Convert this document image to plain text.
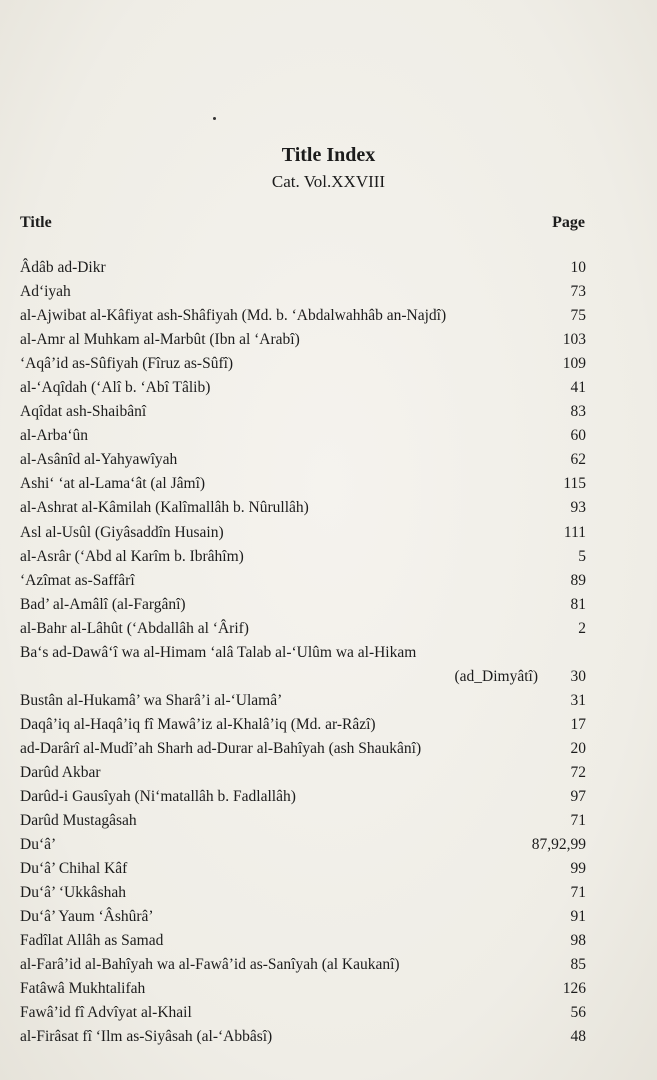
Title Index
Cat. Vol.XXVIII
Title	Page
Âdâb ad-Dikr	10
Ad‘iyah	73
al-Ajwibat al-Kâfiyat ash-Shâfiyah (Md. b. ‘Abdalwahhâb an-Najdî)	75
al-Amr al Muhkam al-Marbût (Ibn al ‘Arabî)	103
‘Aqâ’id as-Sûfiyah (Fîruz as-Sûfî)	109
al-‘Aqîdah (‘Alî b. ‘Abî Tâlib)	41
Aqîdat ash-Shaibânî	83
al-Arba‘ûn	60
al-Asânîd al-Yahyawîyah	62
Ashi‘ ‘at al-Lama‘ât (al Jâmî)	115
al-Ashrat al-Kâmilah (Kalîmallâh b. Nûrullâh)	93
Asl al-Usûl (Giyâsaddîn Husain)	111
al-Asrâr (‘Abd al Karîm b. Ibrâhîm)	5
‘Azîmat as-Saffârî	89
Bad’ al-Amâlî (al-Fargânî)	81
al-Bahr al-Lâhût (‘Abdallâh al ‘Ârif)	2
Ba‘s ad-Dawâ‘î wa al-Himam ‘alâ Talab al-‘Ulûm wa al-Hikam
(ad_Dimyâtî) 30
Bustân al-Hukamâ’ wa Sharâ’i al-‘Ulamâ’	31
Daqâ’iq al-Haqâ’iq fî Mawâ’iz al-Khalâ’iq (Md. ar-Râzî)	17
ad-Darârî al-Mudî’ah Sharh ad-Durar al-Bahîyah (ash Shaukânî)	20
Darûd Akbar	72
Darûd-i Gausîyah (Ni‘matallâh b. Fadlallâh)	97
Darûd Mustagâsah	71
Du‘â’	87,92,99
Du‘â’ Chihal Kâf	99
Du‘â’ ‘Ukkâshah	71
Du‘â’ Yaum ‘Âshûrâ’	91
Fadîlat Allâh as Samad	98
al-Farâ’id al-Bahîyah wa al-Fawâ’id as-Sanîyah (al Kaukanî)	85
Fatâwâ Mukhtalifah	126
Fawâ’id fî Advîyat al-Khail	56
al-Firâsat fî ‘Ilm as-Siyâsah (al-‘Abbâsî)	48
